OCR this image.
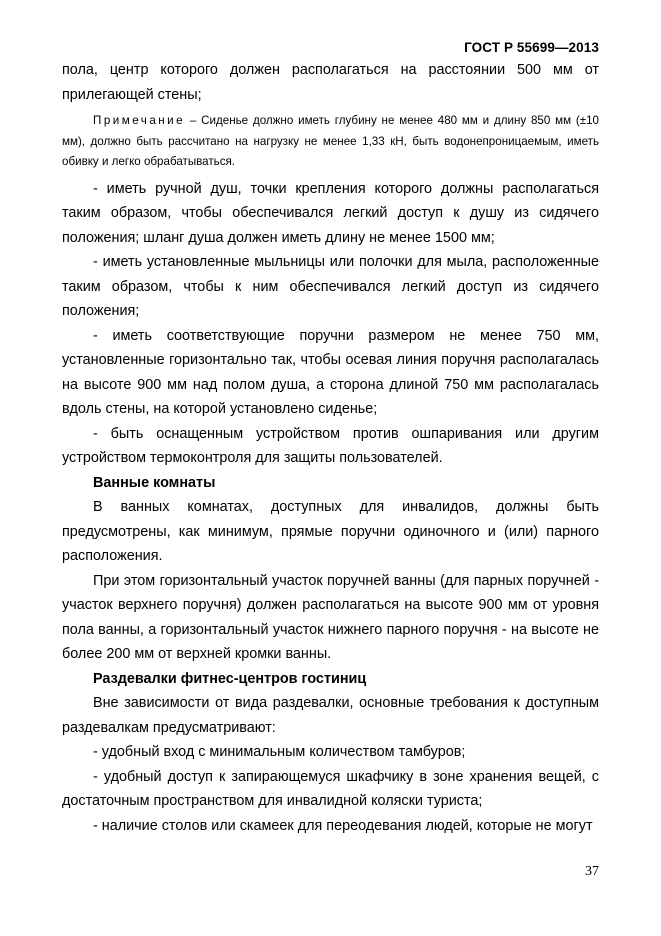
ГОСТ Р 55699—2013

пола, центр которого должен располагаться на расстоянии 500 мм от прилегающей стены;

Примечание – Сиденье должно иметь глубину не менее 480 мм и длину 850 мм (±10 мм), должно быть рассчитано на нагрузку не менее 1,33 кН, быть водонепроницаемым, иметь обивку и легко обрабатываться.

- иметь ручной душ, точки крепления которого должны располагаться таким образом, чтобы обеспечивался легкий доступ к душу из сидячего положения; шланг душа должен иметь длину не менее 1500 мм;

- иметь установленные мыльницы или полочки для мыла, расположенные таким образом, чтобы к ним обеспечивался легкий доступ из сидячего положения;

- иметь соответствующие поручни размером не менее 750 мм, установленные горизонтально так, чтобы осевая линия поручня располагалась на высоте 900 мм над полом душа, а сторона длиной 750 мм располагалась вдоль стены, на которой установлено сиденье;

- быть оснащенным устройством против ошпаривания или другим устройством термоконтроля для защиты пользователей.

Ванные комнаты

В ванных комнатах, доступных для инвалидов, должны быть предусмотрены, как минимум, прямые поручни одиночного и (или) парного расположения.

При этом горизонтальный участок поручней ванны (для парных поручней - участок верхнего поручня) должен располагаться на высоте 900 мм от уровня пола ванны, а горизонтальный участок нижнего парного поручня - на высоте не более 200 мм от верхней кромки ванны.

Раздевалки фитнес-центров гостиниц

Вне зависимости от вида раздевалки, основные требования к доступным раздевалкам предусматривают:

- удобный вход с минимальным количеством тамбуров;

- удобный доступ к запирающемуся шкафчику в зоне хранения вещей, с достаточным пространством для инвалидной коляски туриста;

- наличие столов или скамеек для переодевания людей, которые не могут

37
